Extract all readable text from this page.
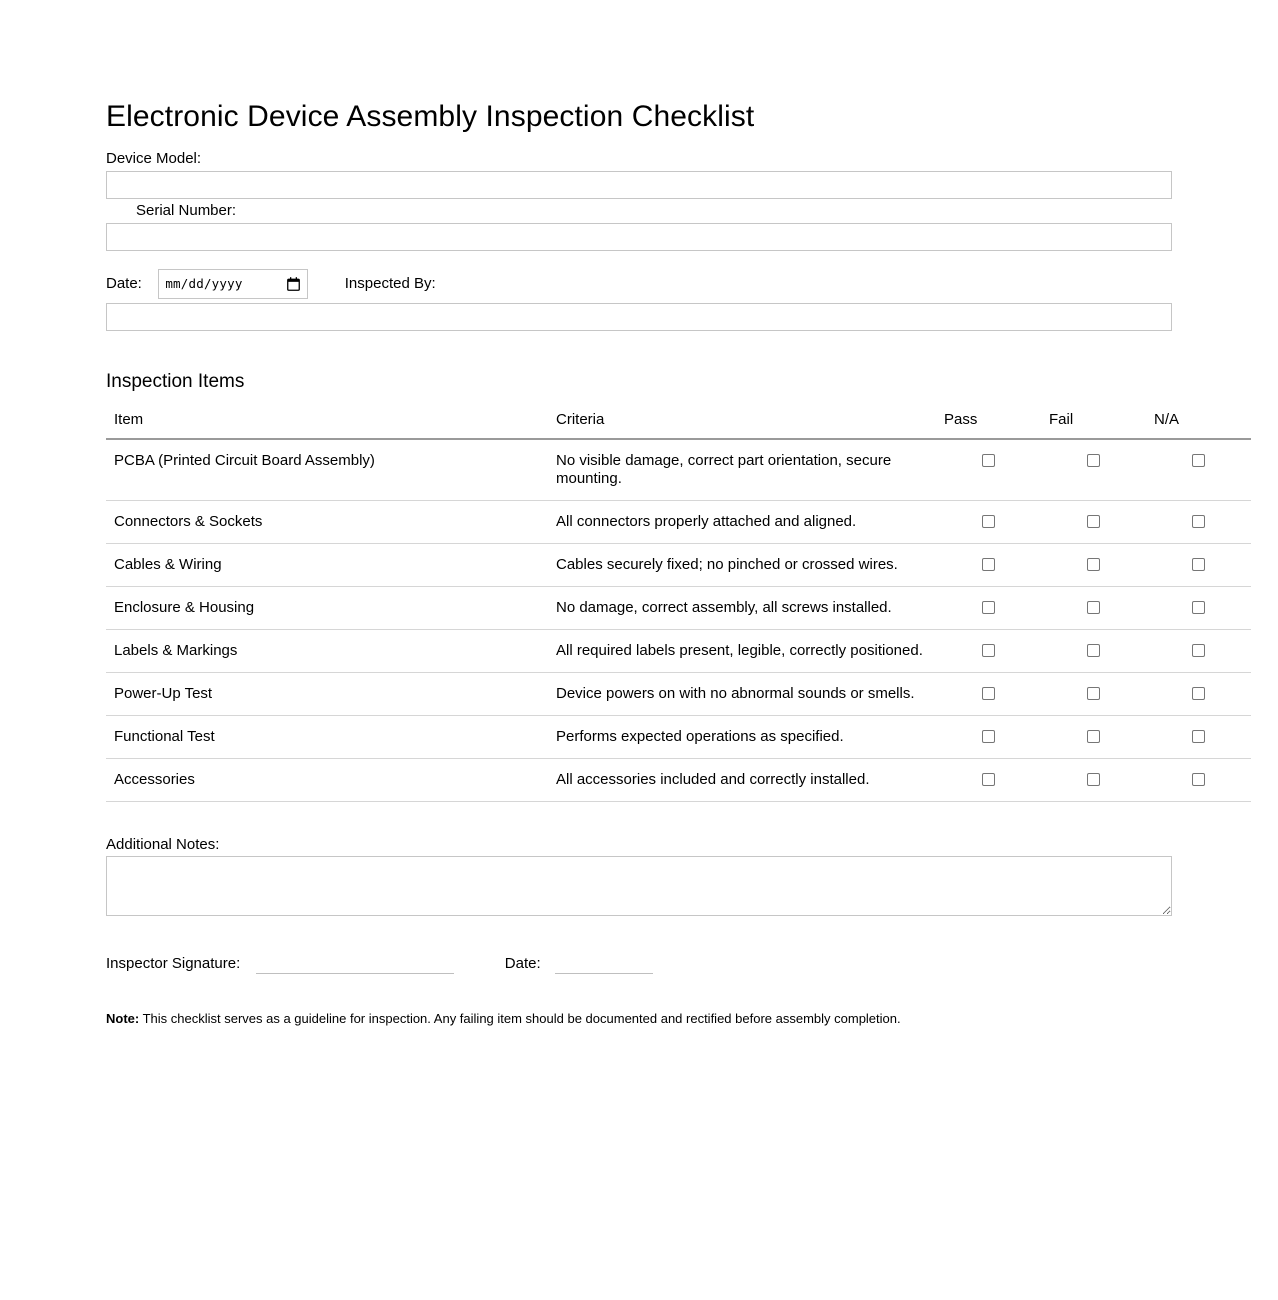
Electronic Device Assembly Inspection Checklist
Device Model:
Serial Number:
Date: mm/dd/yyyy	Inspected By:
Inspection Items
Item	Criteria	Pass	Fail	N/A
PCBA (Printed Circuit Board Assembly)	No visible damage, correct part orientation, secure mounting.			
Connectors & Sockets	All connectors properly attached and aligned.			
Cables & Wiring	Cables securely fixed; no pinched or crossed wires.			
Enclosure & Housing	No damage, correct assembly, all screws installed.			
Labels & Markings	All required labels present, legible, correctly positioned.			
Power-Up Test	Device powers on with no abnormal sounds or smells.			
Functional Test	Performs expected operations as specified.			
Accessories	All accessories included and correctly installed.			
Additional Notes:
Inspector Signature:	Date:
Note: This checklist serves as a guideline for inspection. Any failing item should be documented and rectified before assembly completion.
